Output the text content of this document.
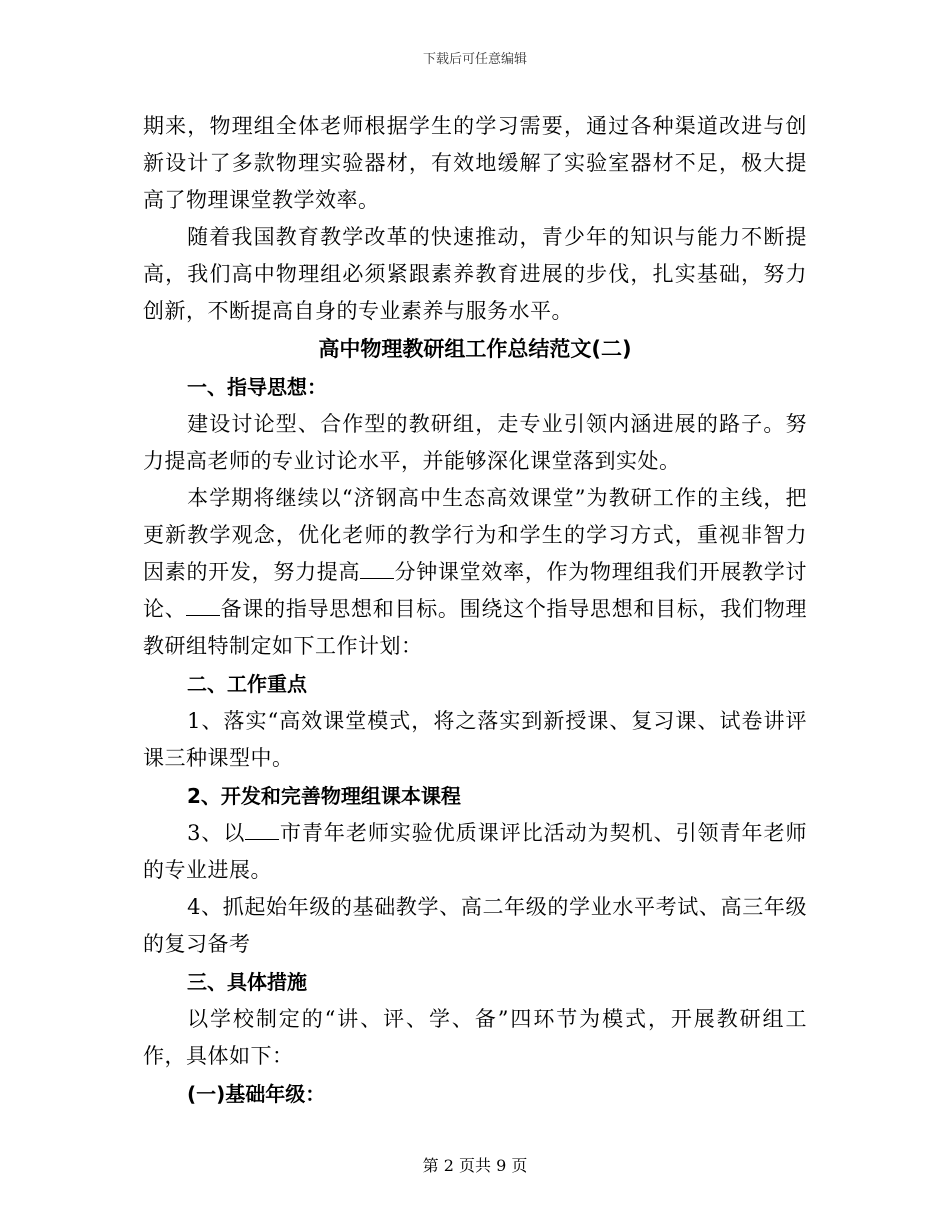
下载后可任意编辑

期来，物理组全体老师根据学生的学习需要，通过各种渠道改进与创新设计了多款物理实验器材，有效地缓解了实验室器材不足，极大提高了物理课堂教学效率。

随着我国教育教学改革的快速推动，青少年的知识与能力不断提高，我们高中物理组必须紧跟素养教育进展的步伐，扎实基础，努力创新，不断提高自身的专业素养与服务水平。

高中物理教研组工作总结范文(二)

一、指导思想：

建设讨论型、合作型的教研组，走专业引领内涵进展的路子。努力提高老师的专业讨论水平，并能够深化课堂落到实处。

本学期将继续以“济钢高中生态高效课堂”为教研工作的主线，把更新教学观念，优化老师的教学行为和学生的学习方式，重视非智力因素的开发，努力提高 分钟课堂效率，作为物理组我们开展教学讨论、 备课的指导思想和目标。围绕这个指导思想和目标，我们物理教研组特制定如下工作计划：

二、工作重点

1、落实“高效课堂模式，将之落实到新授课、复习课、试卷讲评课三种课型中。

2、开发和完善物理组课本课程

3、以 市青年老师实验优质课评比活动为契机、引领青年老师的专业进展。

4、抓起始年级的基础教学、高二年级的学业水平考试、高三年级的复习备考

三、具体措施

以学校制定的“讲、评、学、备”四环节为模式，开展教研组工作，具体如下：

(一)基础年级：

第 2 页共 9 页
